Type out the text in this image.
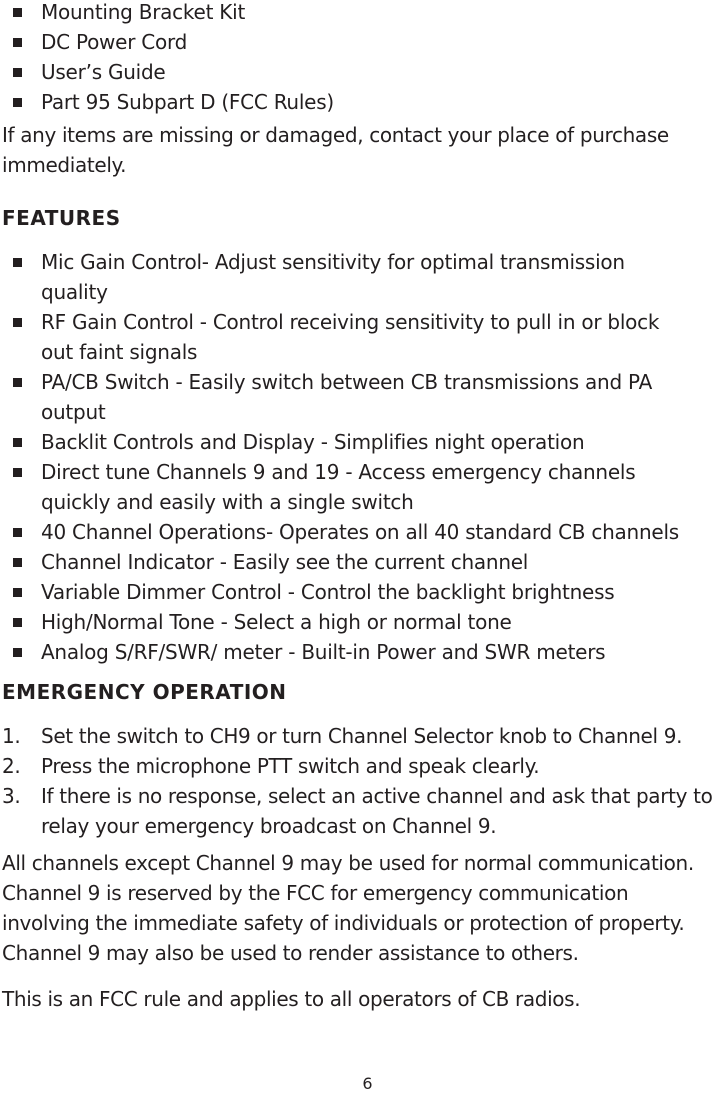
Mounting Bracket Kit
DC Power Cord
User’s Guide
Part 95 Subpart D (FCC Rules)

If any items are missing or damaged, contact your place of purchase immediately.

FEATURES
Mic Gain Control- Adjust sensitivity for optimal transmission quality
RF Gain Control - Control receiving sensitivity to pull in or block out faint signals
PA/CB Switch - Easily switch between CB transmissions and PA output
Backlit Controls and Display - Simplifies night operation
Direct tune Channels 9 and 19 - Access emergency channels quickly and easily with a single switch
40 Channel Operations- Operates on all 40 standard CB channels
Channel Indicator - Easily see the current channel
Variable Dimmer Control - Control the backlight brightness
High/Normal Tone - Select a high or normal tone
Analog S/RF/SWR/ meter - Built-in Power and SWR meters
EMERGENCY OPERATION
1. Set the switch to CH9 or turn Channel Selector knob to Channel 9.
2. Press the microphone PTT switch and speak clearly.
3. If there is no response, select an active channel and ask that party to relay your emergency broadcast on Channel 9.

All channels except Channel 9 may be used for normal communication. Channel 9 is reserved by the FCC for emergency communication involving the immediate safety of individuals or protection of property. Channel 9 may also be used to render assistance to others.

This is an FCC rule and applies to all operators of CB radios.

6
